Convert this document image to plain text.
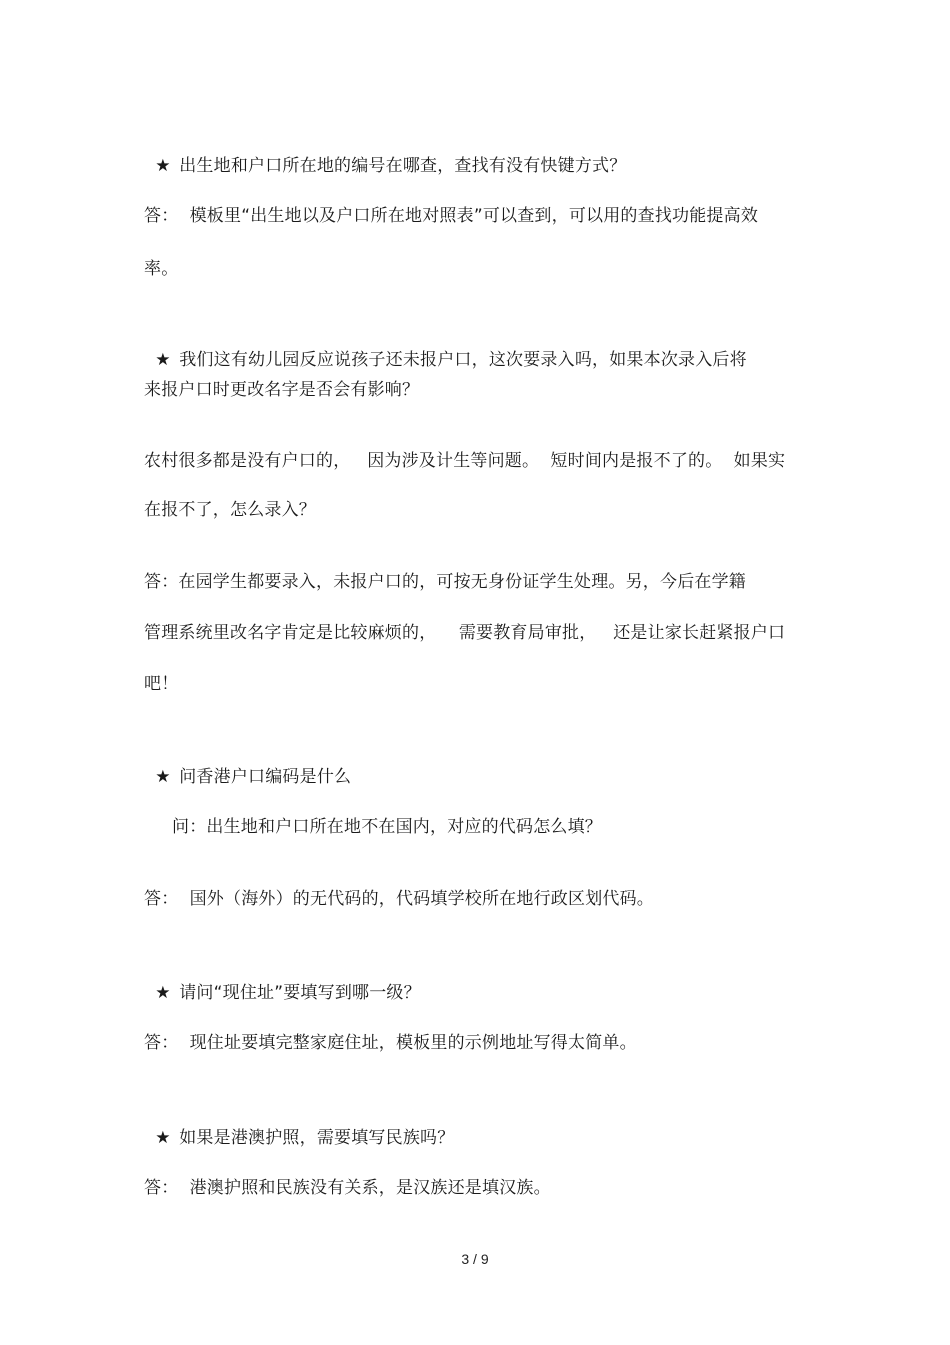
★ 出生地和户口所在地的编号在哪查，查找有没有快键方式？

答：  模板里“出生地以及户口所在地对照表”可以查到，可以用的查找功能提高效
率。

★ 我们这有幼儿园反应说孩子还未报户口，这次要录入吗，如果本次录入后将

来报户口时更改名字是否会有影响？
农村很多都是没有户口的，   因为涉及计生等问题。  短时间内是报不了的。  如果实
在报不了，怎么录入？
答：在园学生都要录入，未报户口的，可按无身份证学生处理。另，今后在学籍
管理系统里改名字肯定是比较麻烦的，    需要教育局审批，   还是让家长赶紧报户口
吧！

★ 问香港户口编码是什么

问：出生地和户口所在地不在国内，对应的代码怎么填？
答：  国外（海外）的无代码的，代码填学校所在地行政区划代码。

★ 请问“现住址”要填写到哪一级？

答：  现住址要填完整家庭住址，模板里的示例地址写得太简单。

★ 如果是港澳护照，需要填写民族吗？

答：  港澳护照和民族没有关系，是汉族还是填汉族。
3 / 9
